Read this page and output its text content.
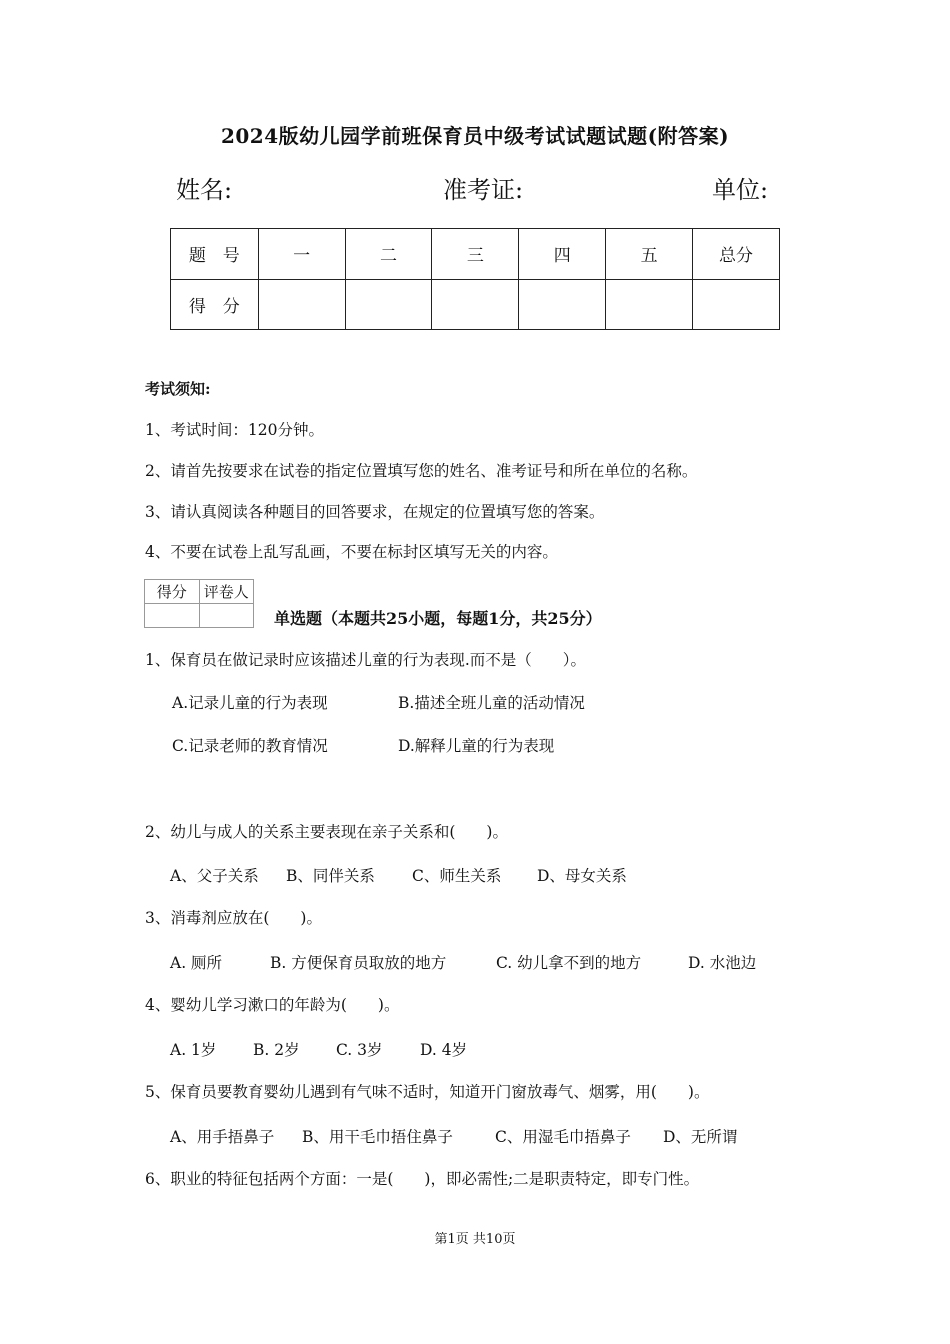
2024版幼儿园学前班保育员中级考试试题试题(附答案)
姓名:	准考证:	单位:
题　号	一	二	三	四	五	总分
得　分						
考试须知:
1、考试时间：120分钟。
2、请首先按要求在试卷的指定位置填写您的姓名、准考证号和所在单位的名称。
3、请认真阅读各种题目的回答要求，在规定的位置填写您的答案。
4、不要在试卷上乱写乱画，不要在标封区填写无关的内容。
得分	评卷人

单选题（本题共25小题，每题1分，共25分）
1、保育员在做记录时应该描述儿童的行为表现.而不是（　　）。
A.记录儿童的行为表现	B.描述全班儿童的活动情况
C.记录老师的教育情况	D.解释儿童的行为表现
2、幼儿与成人的关系主要表现在亲子关系和(　　)。
A、父子关系 B、同伴关系 C、师生关系 D、母女关系
3、消毒剂应放在(　　)。
A. 厕所	B. 方便保育员取放的地方	C. 幼儿拿不到的地方	D. 水池边
4、婴幼儿学习漱口的年龄为(　　)。
A. 1岁 B. 2岁 C. 3岁 D. 4岁
5、保育员要教育婴幼儿遇到有气味不适时，知道开门窗放毒气、烟雾，用(　　)。
A、用手捂鼻子 B、用干毛巾捂住鼻子	C、用湿毛巾捂鼻子 D、无所谓
6、职业的特征包括两个方面：一是(　　)，即必需性;二是职责特定，即专门性。
第1页 共10页
